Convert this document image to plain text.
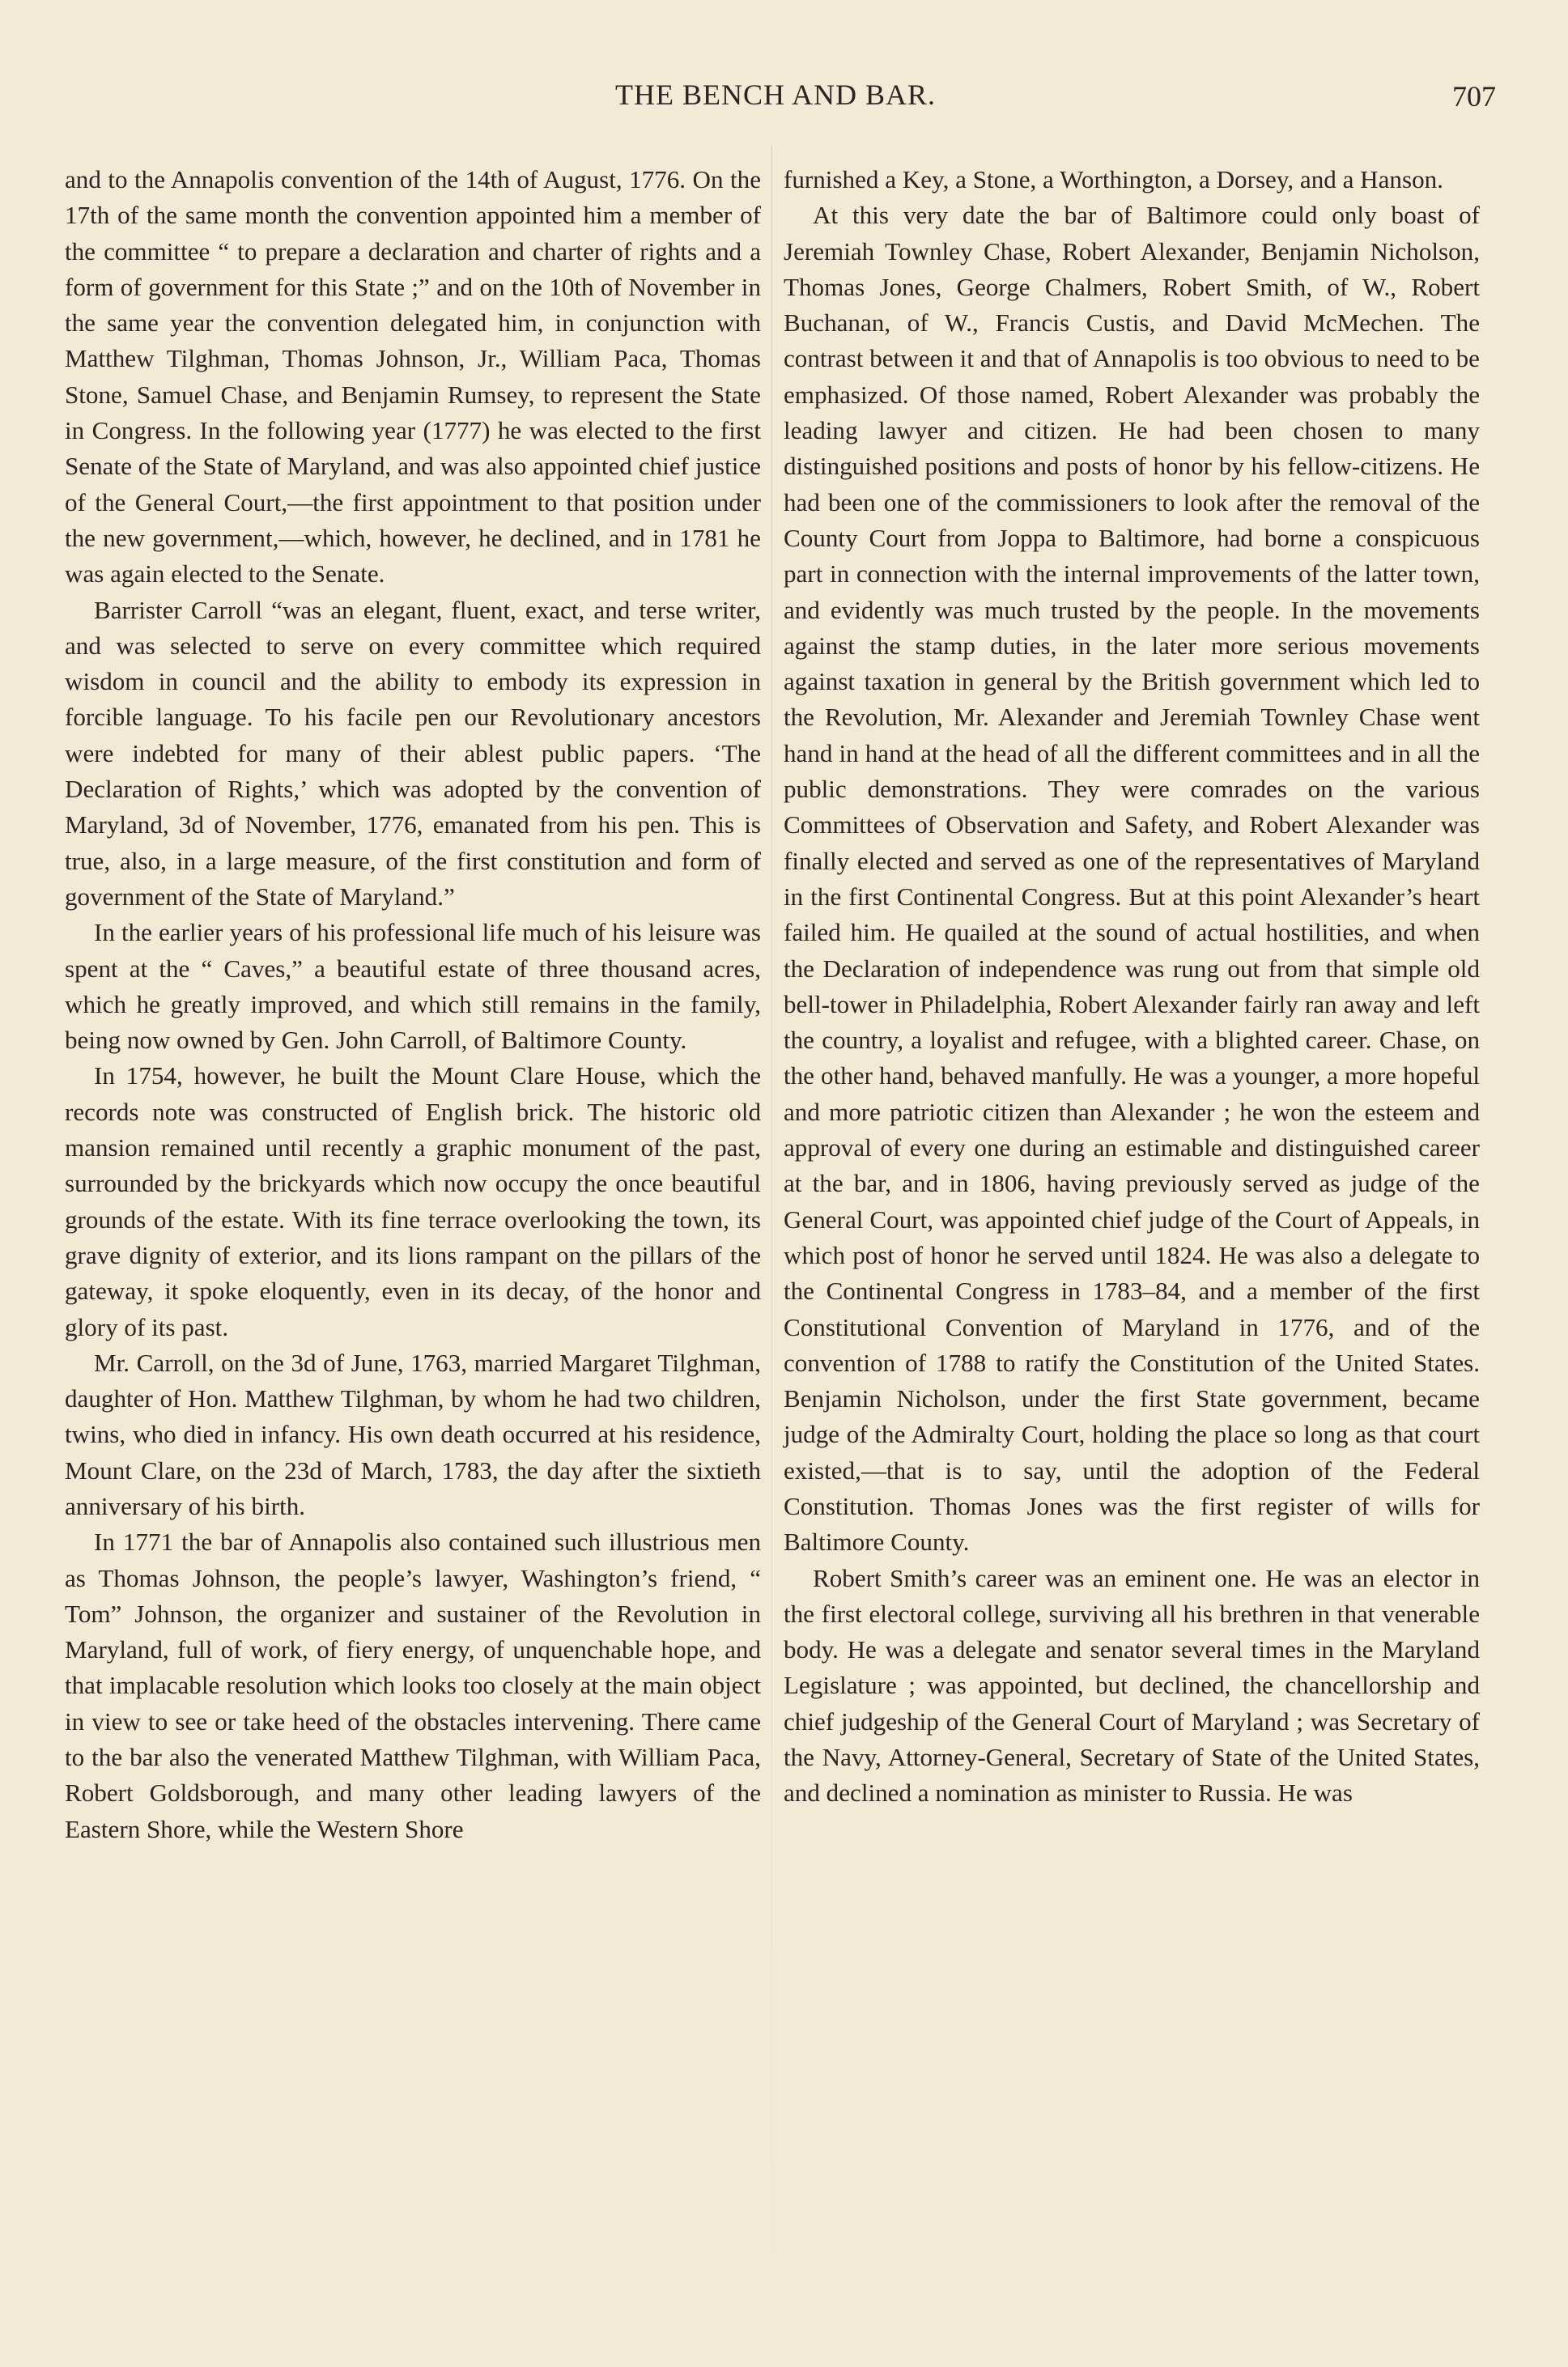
THE BENCH AND BAR.	707

and to the Annapolis convention of the 14th of August, 1776. On the 17th of the same month the convention appointed him a member of the committee “ to prepare a declaration and charter of rights and a form of government for this State ;” and on the 10th of November in the same year the convention delegated him, in conjunction with Matthew Tilghman, Thomas Johnson, Jr., William Paca, Thomas Stone, Samuel Chase, and Benjamin Rumsey, to represent the State in Congress. In the following year (1777) he was elected to the first Senate of the State of Maryland, and was also appointed chief justice of the General Court,—the first appointment to that position under the new government,—which, however, he declined, and in 1781 he was again elected to the Senate.

Barrister Carroll “was an elegant, fluent, exact, and terse writer, and was selected to serve on every committee which required wisdom in council and the ability to embody its expression in forcible language. To his facile pen our Revolutionary ancestors were indebted for many of their ablest public papers. ‘The Declaration of Rights,’ which was adopted by the convention of Maryland, 3d of November, 1776, emanated from his pen. This is true, also, in a large measure, of the first constitution and form of government of the State of Maryland.”

In the earlier years of his professional life much of his leisure was spent at the “ Caves,” a beautiful estate of three thousand acres, which he greatly improved, and which still remains in the family, being now owned by Gen. John Carroll, of Baltimore County.

In 1754, however, he built the Mount Clare House, which the records note was constructed of English brick. The historic old mansion remained until recently a graphic monument of the past, surrounded by the brickyards which now occupy the once beautiful grounds of the estate. With its fine terrace overlooking the town, its grave dignity of exterior, and its lions rampant on the pillars of the gateway, it spoke eloquently, even in its decay, of the honor and glory of its past.

Mr. Carroll, on the 3d of June, 1763, married Margaret Tilghman, daughter of Hon. Matthew Tilghman, by whom he had two children, twins, who died in infancy. His own death occurred at his residence, Mount Clare, on the 23d of March, 1783, the day after the sixtieth anniversary of his birth.

In 1771 the bar of Annapolis also contained such illustrious men as Thomas Johnson, the people’s lawyer, Washington’s friend, “ Tom” Johnson, the organizer and sustainer of the Revolution in Maryland, full of work, of fiery energy, of unquenchable hope, and that implacable resolution which looks too closely at the main object in view to see or take heed of the obstacles intervening. There came to the bar also the venerated Matthew Tilghman, with William Paca, Robert Goldsborough, and many other leading lawyers of the Eastern Shore, while the Western Shore

furnished a Key, a Stone, a Worthington, a Dorsey, and a Hanson.

At this very date the bar of Baltimore could only boast of Jeremiah Townley Chase, Robert Alexander, Benjamin Nicholson, Thomas Jones, George Chalmers, Robert Smith, of W., Robert Buchanan, of W., Francis Custis, and David McMechen. The contrast between it and that of Annapolis is too obvious to need to be emphasized. Of those named, Robert Alexander was probably the leading lawyer and citizen. He had been chosen to many distinguished positions and posts of honor by his fellow-citizens. He had been one of the commissioners to look after the removal of the County Court from Joppa to Baltimore, had borne a conspicuous part in connection with the internal improvements of the latter town, and evidently was much trusted by the people. In the movements against the stamp duties, in the later more serious movements against taxation in general by the British government which led to the Revolution, Mr. Alexander and Jeremiah Townley Chase went hand in hand at the head of all the different committees and in all the public demonstrations. They were comrades on the various Committees of Observation and Safety, and Robert Alexander was finally elected and served as one of the representatives of Maryland in the first Continental Congress. But at this point Alexander’s heart failed him. He quailed at the sound of actual hostilities, and when the Declaration of independence was rung out from that simple old bell-tower in Philadelphia, Robert Alexander fairly ran away and left the country, a loyalist and refugee, with a blighted career. Chase, on the other hand, behaved manfully. He was a younger, a more hopeful and more patriotic citizen than Alexander ; he won the esteem and approval of every one during an estimable and distinguished career at the bar, and in 1806, having previously served as judge of the General Court, was appointed chief judge of the Court of Appeals, in which post of honor he served until 1824. He was also a delegate to the Continental Congress in 1783–84, and a member of the first Constitutional Convention of Maryland in 1776, and of the convention of 1788 to ratify the Constitution of the United States. Benjamin Nicholson, under the first State government, became judge of the Admiralty Court, holding the place so long as that court existed,—that is to say, until the adoption of the Federal Constitution. Thomas Jones was the first register of wills for Baltimore County.

Robert Smith’s career was an eminent one. He was an elector in the first electoral college, surviving all his brethren in that venerable body. He was a delegate and senator several times in the Maryland Legislature ; was appointed, but declined, the chancellorship and chief judgeship of the General Court of Maryland ; was Secretary of the Navy, Attorney-General, Secretary of State of the United States, and declined a nomination as minister to Russia. He was
